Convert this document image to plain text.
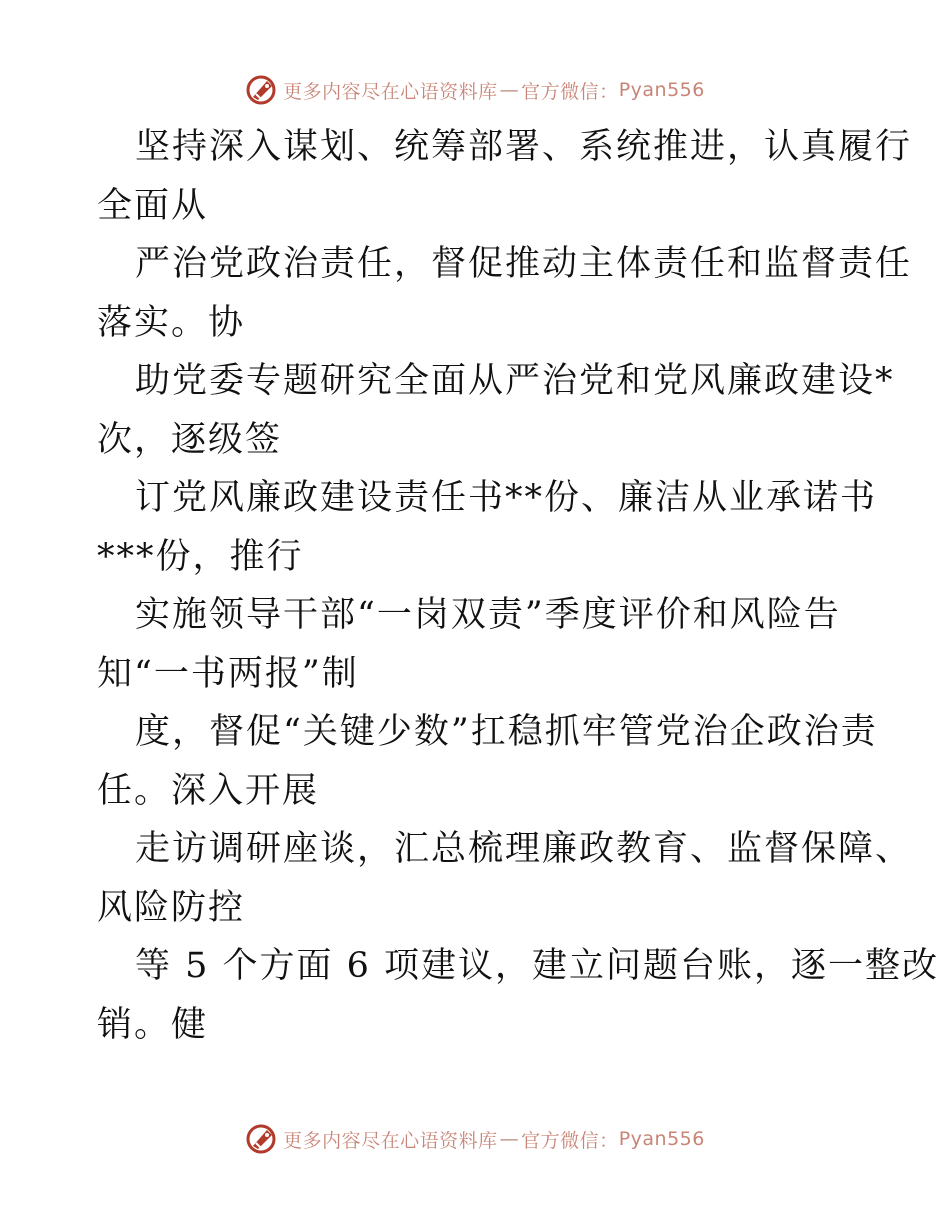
更多内容尽在心语资料库 — 官方微信： Pyan556
坚持深入谋划、统筹部署、系统推进，认真履行
全面从
严治党政治责任，督促推动主体责任和监督责任
落实。协
助党委专题研究全面从严治党和党风廉政建设*
次，逐级签
订党风廉政建设责任书**份、廉洁从业承诺书
***份，推行
实施领导干部“一岗双责”季度评价和风险告
知“一书两报”制
度，督促“关键少数”扛稳抓牢管党治企政治责
任。深入开展
走访调研座谈，汇总梳理廉政教育、监督保障、
风险防控
等 5 个方面 6 项建议，建立问题台账，逐一整改
销。健
更多内容尽在心语资料库 — 官方微信： Pyan556
